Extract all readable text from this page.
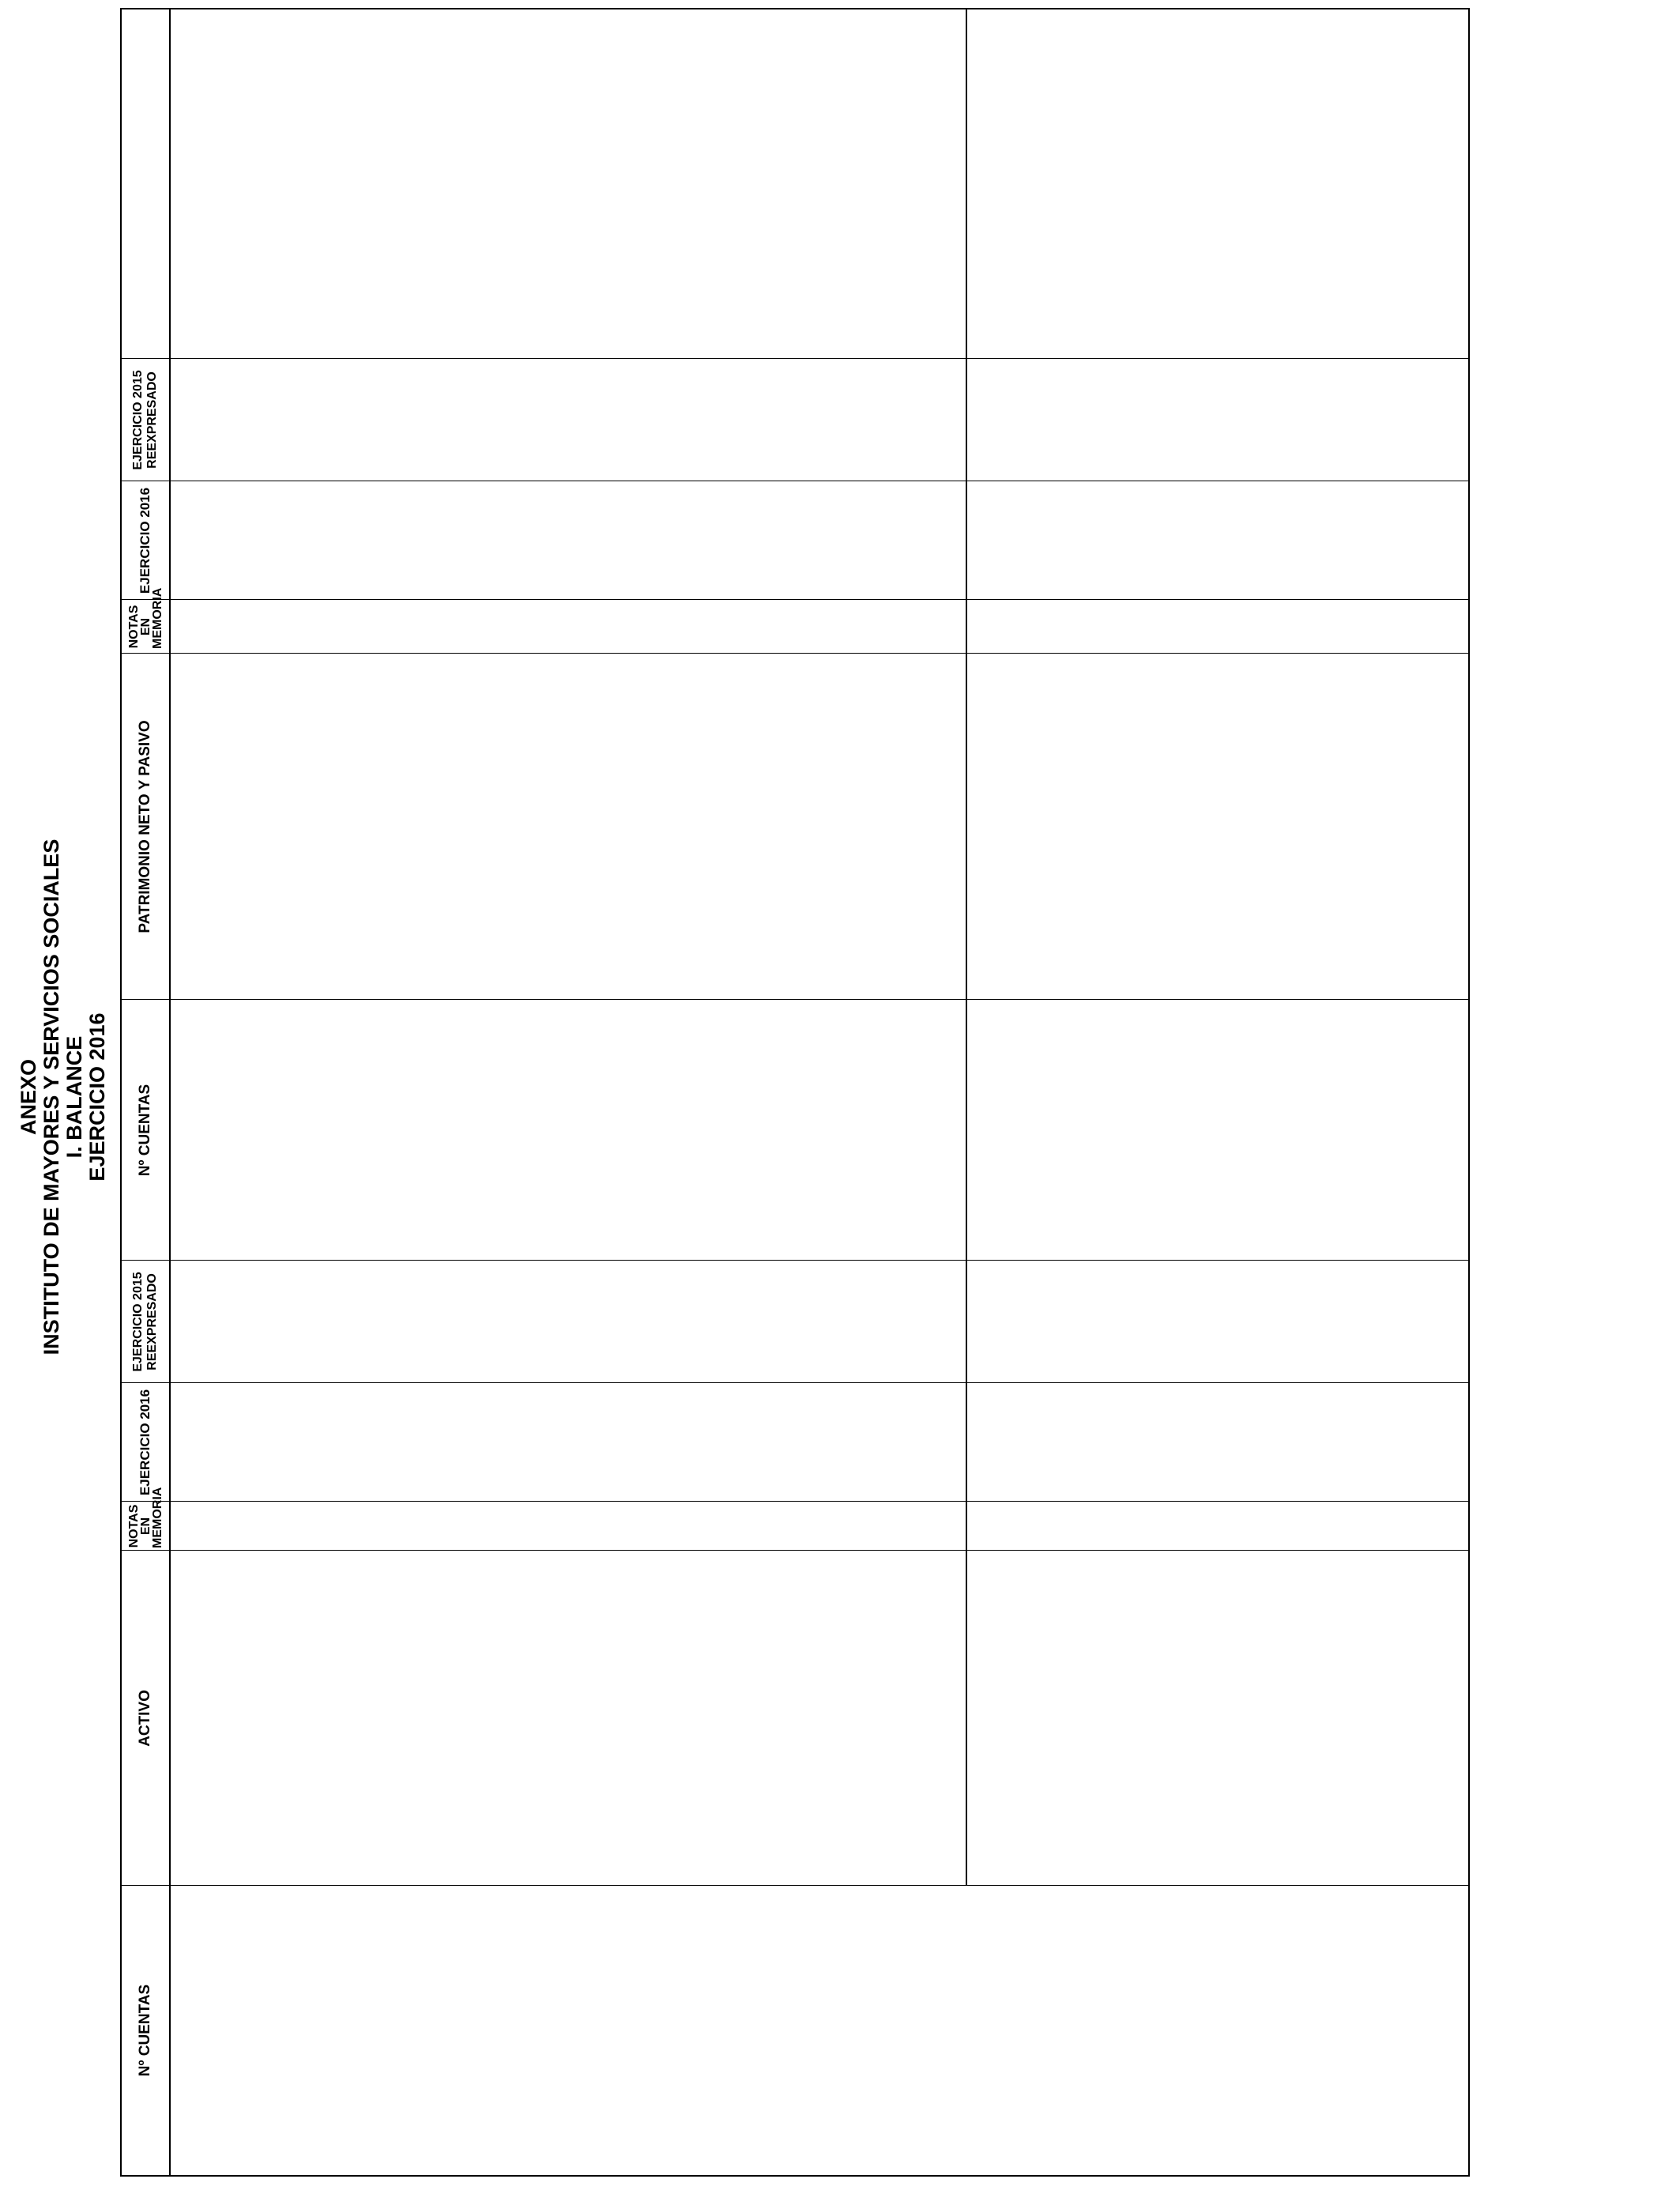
ANEXO INSTITUTO DE MAYORES Y SERVICIOS SOCIALES I. BALANCE EJERCICIO 2016
Nº CUENTAS
ACTIVO
NOTAS EN MEMORIA
EJERCICIO 2016
EJERCICIO 2015 REEXPRESADO
Nº CUENTAS
PATRIMONIO NETO Y PASIVO
NOTAS EN MEMORIA
EJERCICIO 2016
EJERCICIO 2015 REEXPRESADO
